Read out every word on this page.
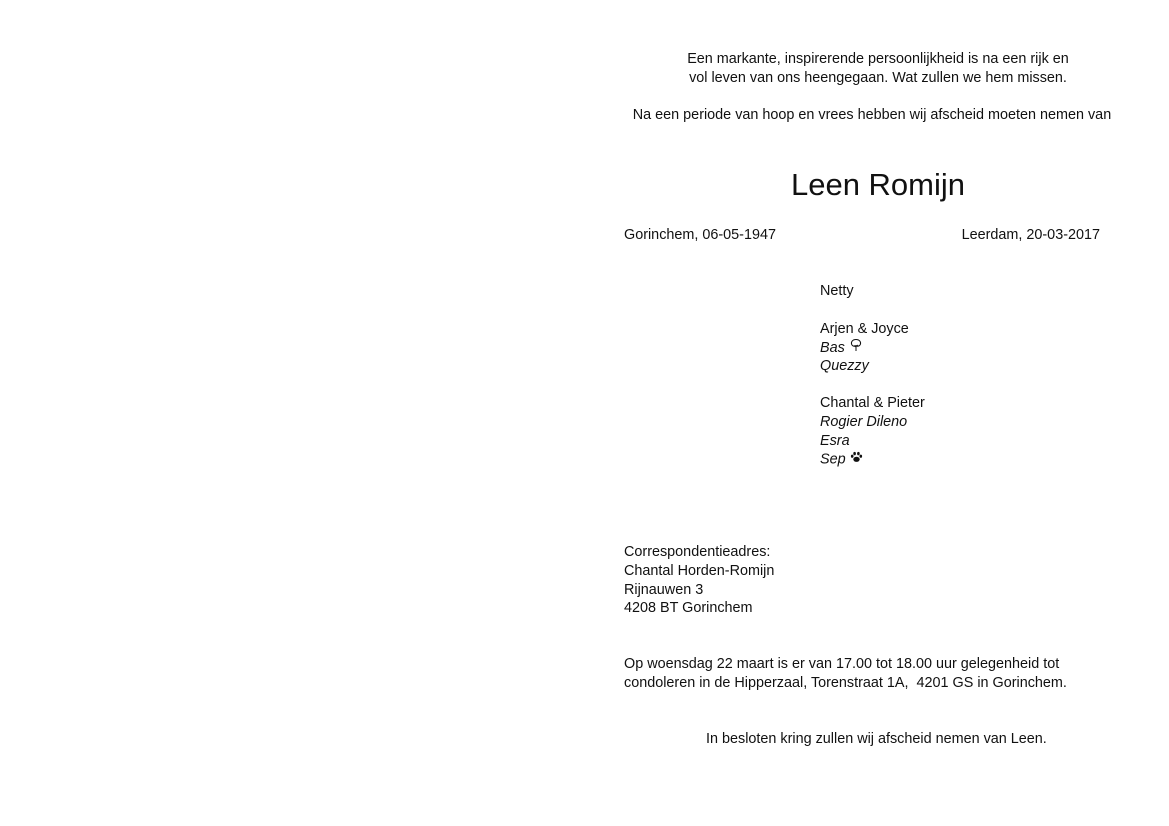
Een markante, inspirerende persoonlijkheid is na een rijk en
vol leven van ons heengegaan. Wat zullen we hem missen.
Na een periode van hoop en vrees hebben wij afscheid moeten nemen van
Leen Romijn
Gorinchem, 06-05-1947	Leerdam, 20-03-2017
Netty
Arjen & Joyce
Bas
Quezzy
Chantal & Pieter
Rogier Dileno
Esra
Sep
Correspondentieadres:
Chantal Horden-Romijn
Rijnauwen 3
4208 BT Gorinchem
Op woensdag 22 maart is er van 17.00 tot 18.00 uur gelegenheid tot
condoleren in de Hipperzaal, Torenstraat 1A,  4201 GS in Gorinchem.
In besloten kring zullen wij afscheid nemen van Leen.
